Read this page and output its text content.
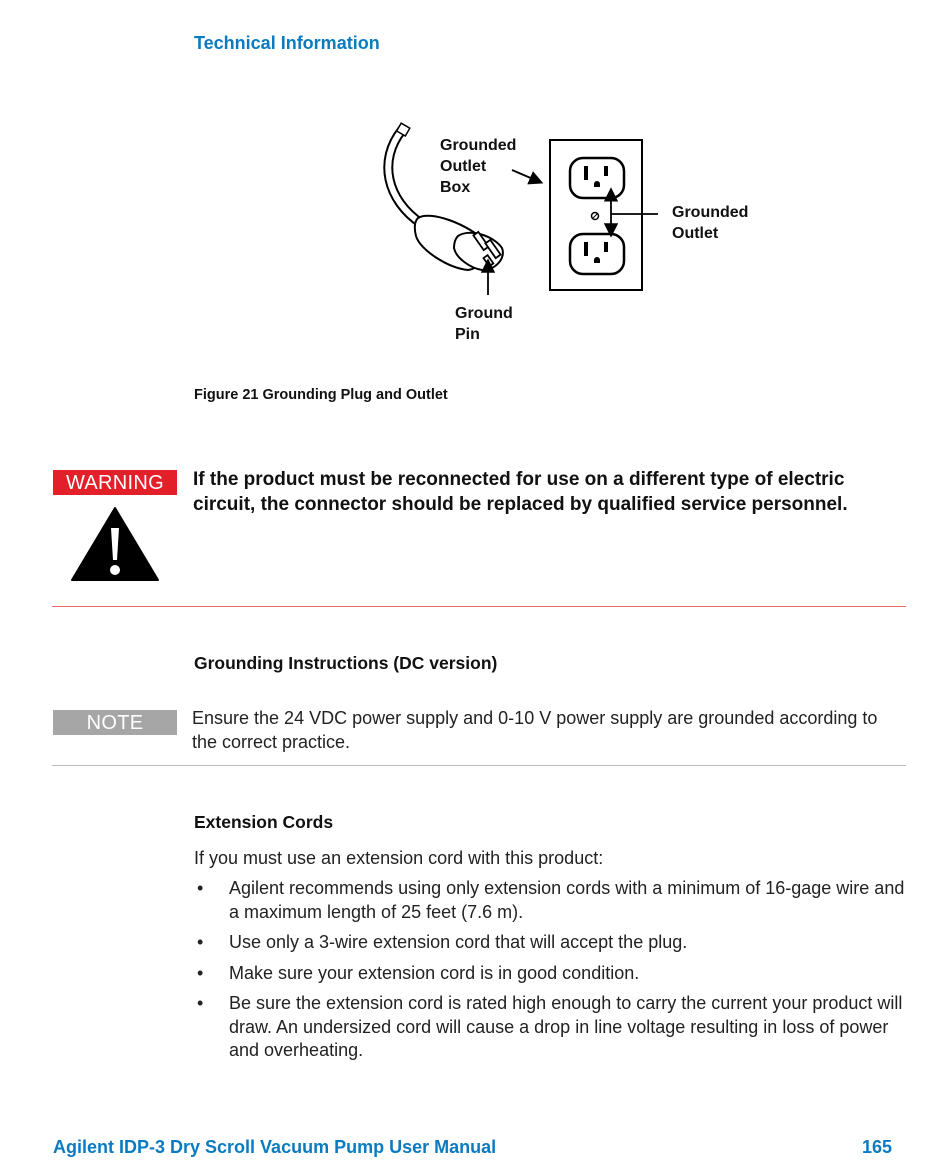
Technical Information
Grounded
Outlet
Box
Grounded
Outlet
Ground
Pin
Figure 21 Grounding Plug and Outlet
WARNING	If the product must be reconnected for use on a different type of electric circuit, the connector should be replaced by qualified service personnel.
Grounding Instructions (DC version)
NOTE	Ensure the 24 VDC power supply and 0-10 V power supply are grounded according to the correct practice.
Extension Cords
If you must use an extension cord with this product:
• Agilent recommends using only extension cords with a minimum of 16-gage wire and a maximum length of 25 feet (7.6 m).
• Use only a 3-wire extension cord that will accept the plug.
• Make sure your extension cord is in good condition.
• Be sure the extension cord is rated high enough to carry the current your product will draw. An undersized cord will cause a drop in line voltage resulting in loss of power and overheating.
Agilent IDP-3 Dry Scroll Vacuum Pump User Manual	165
